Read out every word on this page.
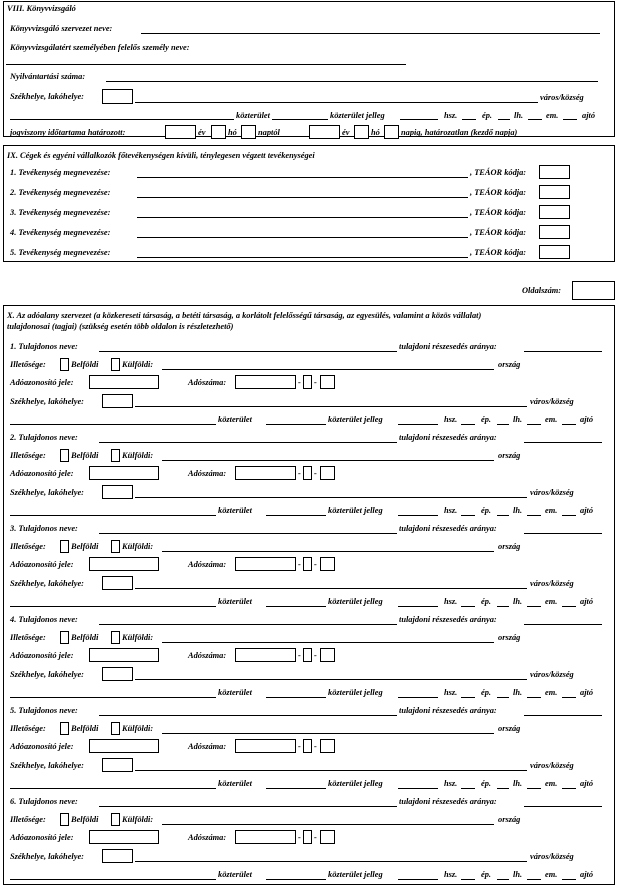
VIII. Könyvvizsgáló
Könyvvizsgáló szervezet neve:
Könyvvizsgálatért személyében felelős személy neve:
Nyilvántartási száma:
Székhelye, lakóhelye:	város/község
közterület	közterület jelleg	hsz.	ép.	lh.	em.	ajtó
jogviszony időtartama határozott:	év	hó	naptól	év	hó	napig, határozatlan (kezdő napja)
IX. Cégek és egyéni vállalkozók főtevékenységen kívüli, ténylegesen végzett tevékenységei
1. Tevékenység megnevezése:	, TEÁOR kódja:
2. Tevékenység megnevezése:	, TEÁOR kódja:
3. Tevékenység megnevezése:	, TEÁOR kódja:
4. Tevékenység megnevezése:	, TEÁOR kódja:
5. Tevékenység megnevezése:	, TEÁOR kódja:
Oldalszám:
X. Az adóalany szervezet (a közkereseti társaság, a betéti társaság, a korlátolt felelősségű társaság, az egyesülés, valamint a közös vállalat)
tulajdonosai (tagjai) (szükség esetén több oldalon is részletezhető)
1. Tulajdonos neve:	tulajdoni részesedés aránya:
Illetősége:	Belföldi	Külföldi:	ország
Adóazonosító jele:	Adószáma:	- -
Székhelye, lakóhelye:	város/község
közterület	közterület jelleg	hsz.	ép.	lh.	em.	ajtó
2. Tulajdonos neve:	tulajdoni részesedés aránya:
Illetősége:	Belföldi	Külföldi:	ország
Adóazonosító jele:	Adószáma:	- -
Székhelye, lakóhelye:	város/község
közterület	közterület jelleg	hsz.	ép.	lh.	em.	ajtó
3. Tulajdonos neve:	tulajdoni részesedés aránya:
Illetősége:	Belföldi	Külföldi:	ország
Adóazonosító jele:	Adószáma:	- -
Székhelye, lakóhelye:	város/község
közterület	közterület jelleg	hsz.	ép.	lh.	em.	ajtó
4. Tulajdonos neve:	tulajdoni részesedés aránya:
Illetősége:	Belföldi	Külföldi:	ország
Adóazonosító jele:	Adószáma:	- -
Székhelye, lakóhelye:	város/község
közterület	közterület jelleg	hsz.	ép.	lh.	em.	ajtó
5. Tulajdonos neve:	tulajdoni részesedés aránya:
Illetősége:	Belföldi	Külföldi:	ország
Adóazonosító jele:	Adószáma:	- -
Székhelye, lakóhelye:	város/község
közterület	közterület jelleg	hsz.	ép.	lh.	em.	ajtó
6. Tulajdonos neve:	tulajdoni részesedés aránya:
Illetősége:	Belföldi	Külföldi:	ország
Adóazonosító jele:	Adószáma:	- -
Székhelye, lakóhelye:	város/község
közterület	közterület jelleg	hsz.	ép.	lh.	em.	ajtó
